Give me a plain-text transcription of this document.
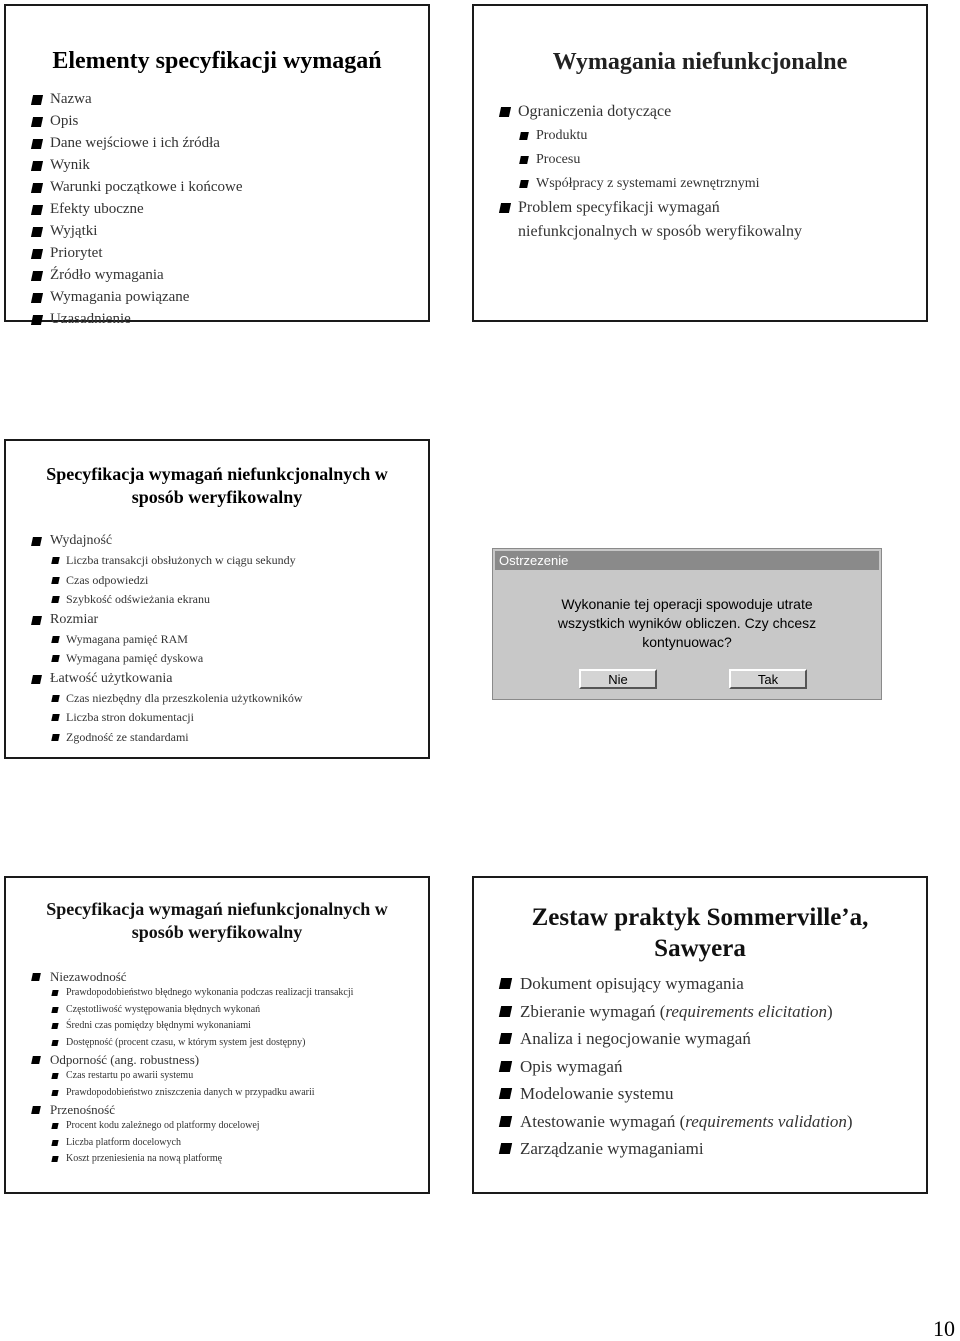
Elementy specyfikacji wymagań
Nazwa
Opis
Dane wejściowe i ich źródła
Wynik
Warunki początkowe i końcowe
Efekty uboczne
Wyjątki
Priorytet
Źródło wymagania
Wymagania powiązane
Uzasadnienie
Wymagania niefunkcjonalne
Ograniczenia dotyczące
Produktu
Procesu
Współpracy z systemami zewnętrznymi
Problem specyfikacji wymagań
niefunkcjonalnych w sposób weryfikowalny
Specyfikacja wymagań niefunkcjonalnych w
sposób weryfikowalny
Wydajność
Liczba transakcji obsłużonych w ciągu sekundy
Czas odpowiedzi
Szybkość odświeżania ekranu
Rozmiar
Wymagana pamięć RAM
Wymagana pamięć dyskowa
Łatwość użytkowania
Czas niezbędny dla przeszkolenia użytkowników
Liczba stron dokumentacji
Zgodność ze standardami
Ostrzezenie
Wykonanie tej operacji spowoduje utrate
wszystkich wyników obliczen. Czy chcesz
kontynuowac?
Nie	Tak
Specyfikacja wymagań niefunkcjonalnych w
sposób weryfikowalny
Niezawodność
Prawdopodobieństwo błędnego wykonania podczas realizacji transakcji
Częstotliwość występowania błędnych wykonań
Średni czas pomiędzy błędnymi wykonaniami
Dostępność (procent czasu, w którym system jest dostępny)
Odporność (ang. robustness)
Czas restartu po awarii systemu
Prawdopodobieństwo zniszczenia danych w przypadku awarii
Przenośność
Procent kodu zależnego od platformy docelowej
Liczba platform docelowych
Koszt przeniesienia na nową platformę
Zestaw praktyk Sommerville’a,
Sawyera
Dokument opisujący wymagania
Zbieranie wymagań (requirements elicitation)
Analiza i negocjowanie wymagań
Opis wymagań
Modelowanie systemu
Atestowanie wymagań (requirements validation)
Zarządzanie wymaganiami
10
